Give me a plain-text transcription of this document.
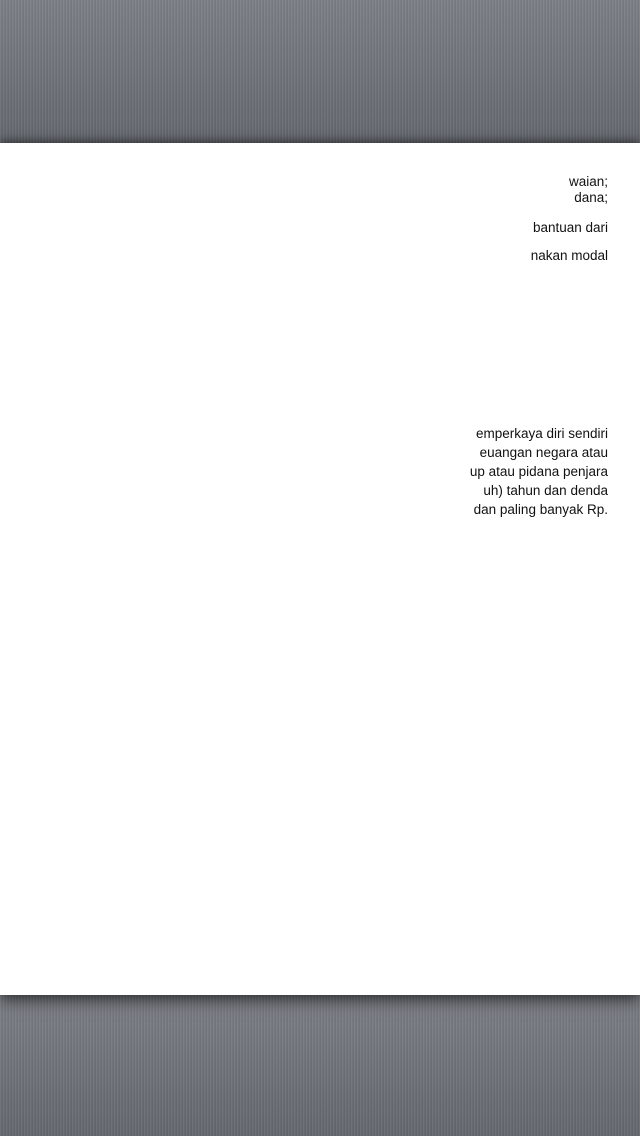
waian;
dana;
bantuan dari
nakan modal
emperkaya diri sendiri
euangan negara atau
up atau pidana penjara
uh) tahun dan denda
dan paling banyak Rp.
